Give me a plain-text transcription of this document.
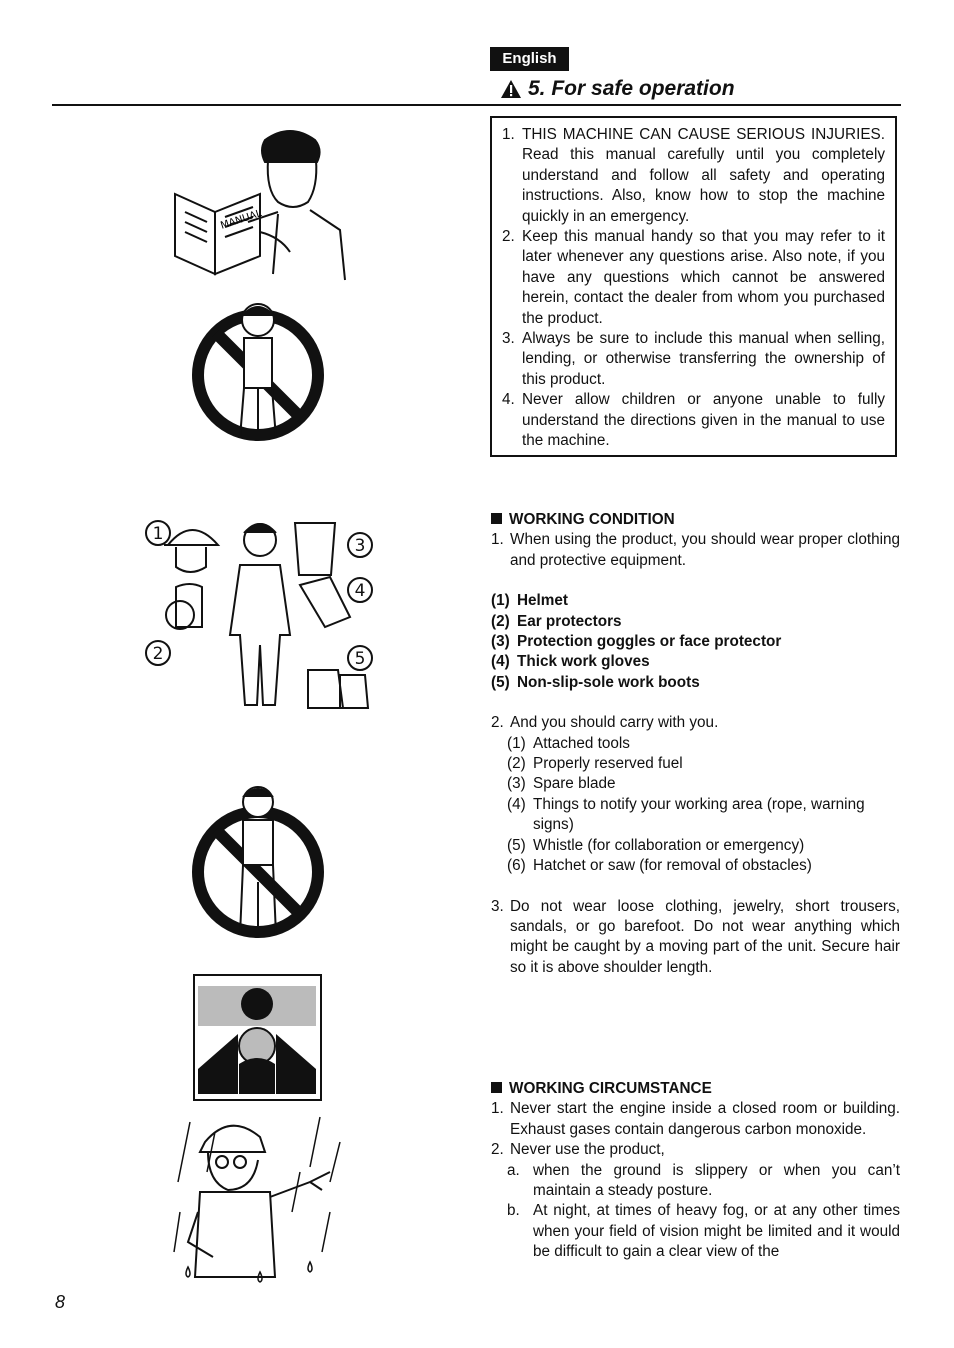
English
5. For safe operation
1. THIS MACHINE CAN CAUSE SERIOUS INJURIES. Read this manual carefully until you completely understand and follow all safety and operating instructions. Also, know how to stop the machine quickly in an emergency.
2. Keep this manual handy so that you may refer to it later whenever any questions arise. Also note, if you have any questions which cannot be answered herein, contact the dealer from whom you purchased the product.
3. Always be sure to include this manual when selling, lending, or otherwise transferring the ownership of this product.
4. Never allow children or anyone unable to fully understand the directions given in the manual to use the machine.
WORKING CONDITION
1. When using the product, you should wear proper clothing and protective equipment.
(1) Helmet
(2) Ear protectors
(3) Protection goggles or face protector
(4) Thick work gloves
(5) Non-slip-sole work boots
2. And you should carry with you.
(1) Attached tools
(2) Properly reserved fuel
(3) Spare blade
(4) Things to notify your working area (rope, warning signs)
(5) Whistle (for collaboration or emergency)
(6) Hatchet or saw (for removal of obstacles)
3. Do not wear loose clothing, jewelry, short trousers, sandals, or go barefoot. Do not wear anything which might be caught by a moving part of the unit. Secure hair so it is above shoulder length.
WORKING CIRCUMSTANCE
1. Never start the engine inside a closed room or building. Exhaust gases contain dangerous carbon monoxide.
2. Never use the product,
a. when the ground is slippery or when you can’t maintain a steady posture.
b. At night, at times of heavy fog, or at any other times when your field of vision might be limited and it would be difficult to gain a clear view of the
8
MANUAL
1
2
3
4
5
